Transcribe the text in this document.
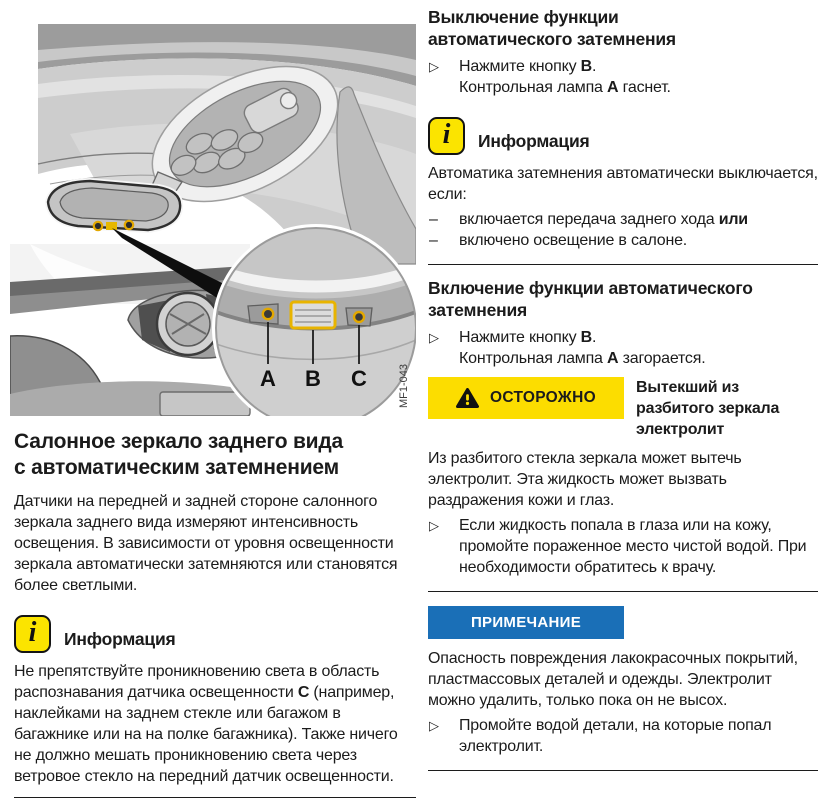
A B C	MF1-043
Салонное зеркало заднего вида
с автоматическим затемнением

Датчики на передней и задней стороне салонного зеркала заднего вида измеряют интенсивность освещения. В зависимости от уровня освещенности зеркала автоматически затемняются или становятся более светлыми.

i	Информация

Не препятствуйте проникновению света в область распознавания датчика освещенности C (например, наклейками на заднем стекле или багажом в багажнике или на на полке багажника). Также ничего не должно мешать проникновению света через ветровое стекло на передний датчик освещенности.

Выключение функции
автоматического затемнения
▷ Нажмите кнопку B.
Контрольная лампа A гаснет.
i	Информация

Автоматика затемнения автоматически выключается, если:

– включается передача заднего хода или
– включено освещение в салоне.
Включение функции автоматического
затемнения
▷ Нажмите кнопку B.
Контрольная лампа A загорается.
ОСТОРОЖНО
Вытекший из разбитого зеркала электролит

Из разбитого стекла зеркала может вытечь электролит. Эта жидкость может вызвать раздражения кожи и глаз.

▷ Если жидкость попала в глаза или на кожу, промойте пораженное место чистой водой. При необходимости обратитесь к врачу.
ПРИМЕЧАНИЕ

Опасность повреждения лакокрасочных покрытий, пластмассовых деталей и одежды. Электролит можно удалить, только пока он не высох.

▷ Промойте водой детали, на которые попал электролит.
